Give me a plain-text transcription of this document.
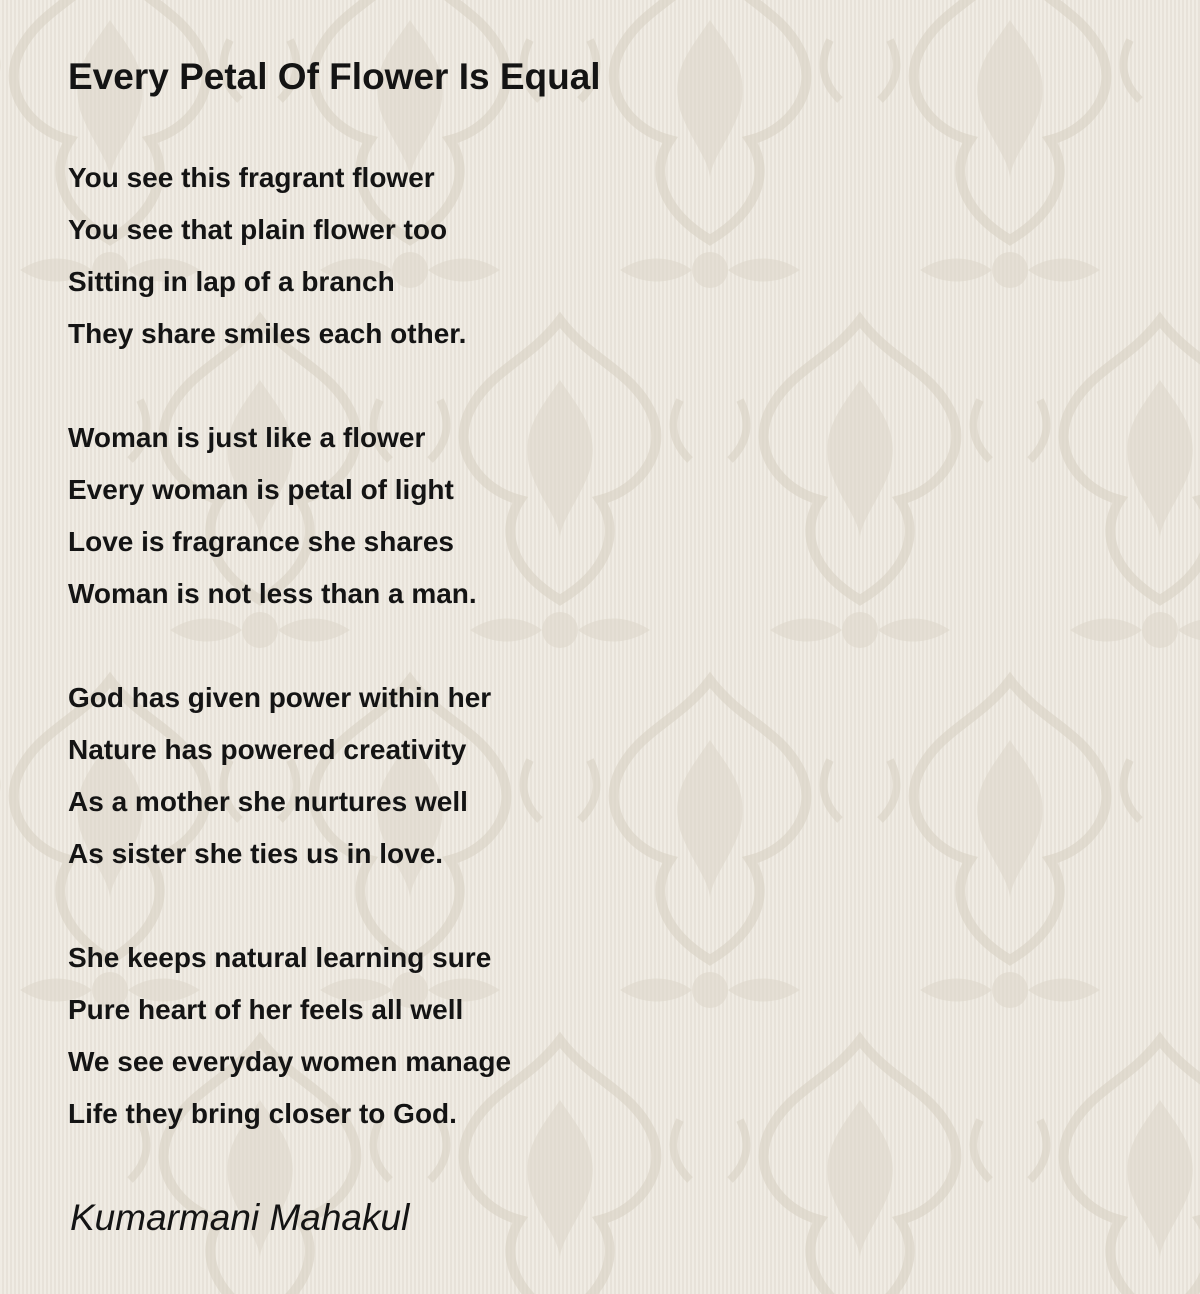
Every Petal Of Flower Is Equal
You see this fragrant flower
You see that plain flower too
Sitting in lap of a branch
They share smiles each other.
Woman is just like a flower
Every woman is petal of light
Love is fragrance she shares
Woman is not less than a man.
God has given power within her
Nature has powered creativity
As a mother she nurtures well
As sister she ties us in love.
She keeps natural learning sure
Pure heart of her feels all well
We see everyday women manage
Life they bring closer to God.
Kumarmani Mahakul
